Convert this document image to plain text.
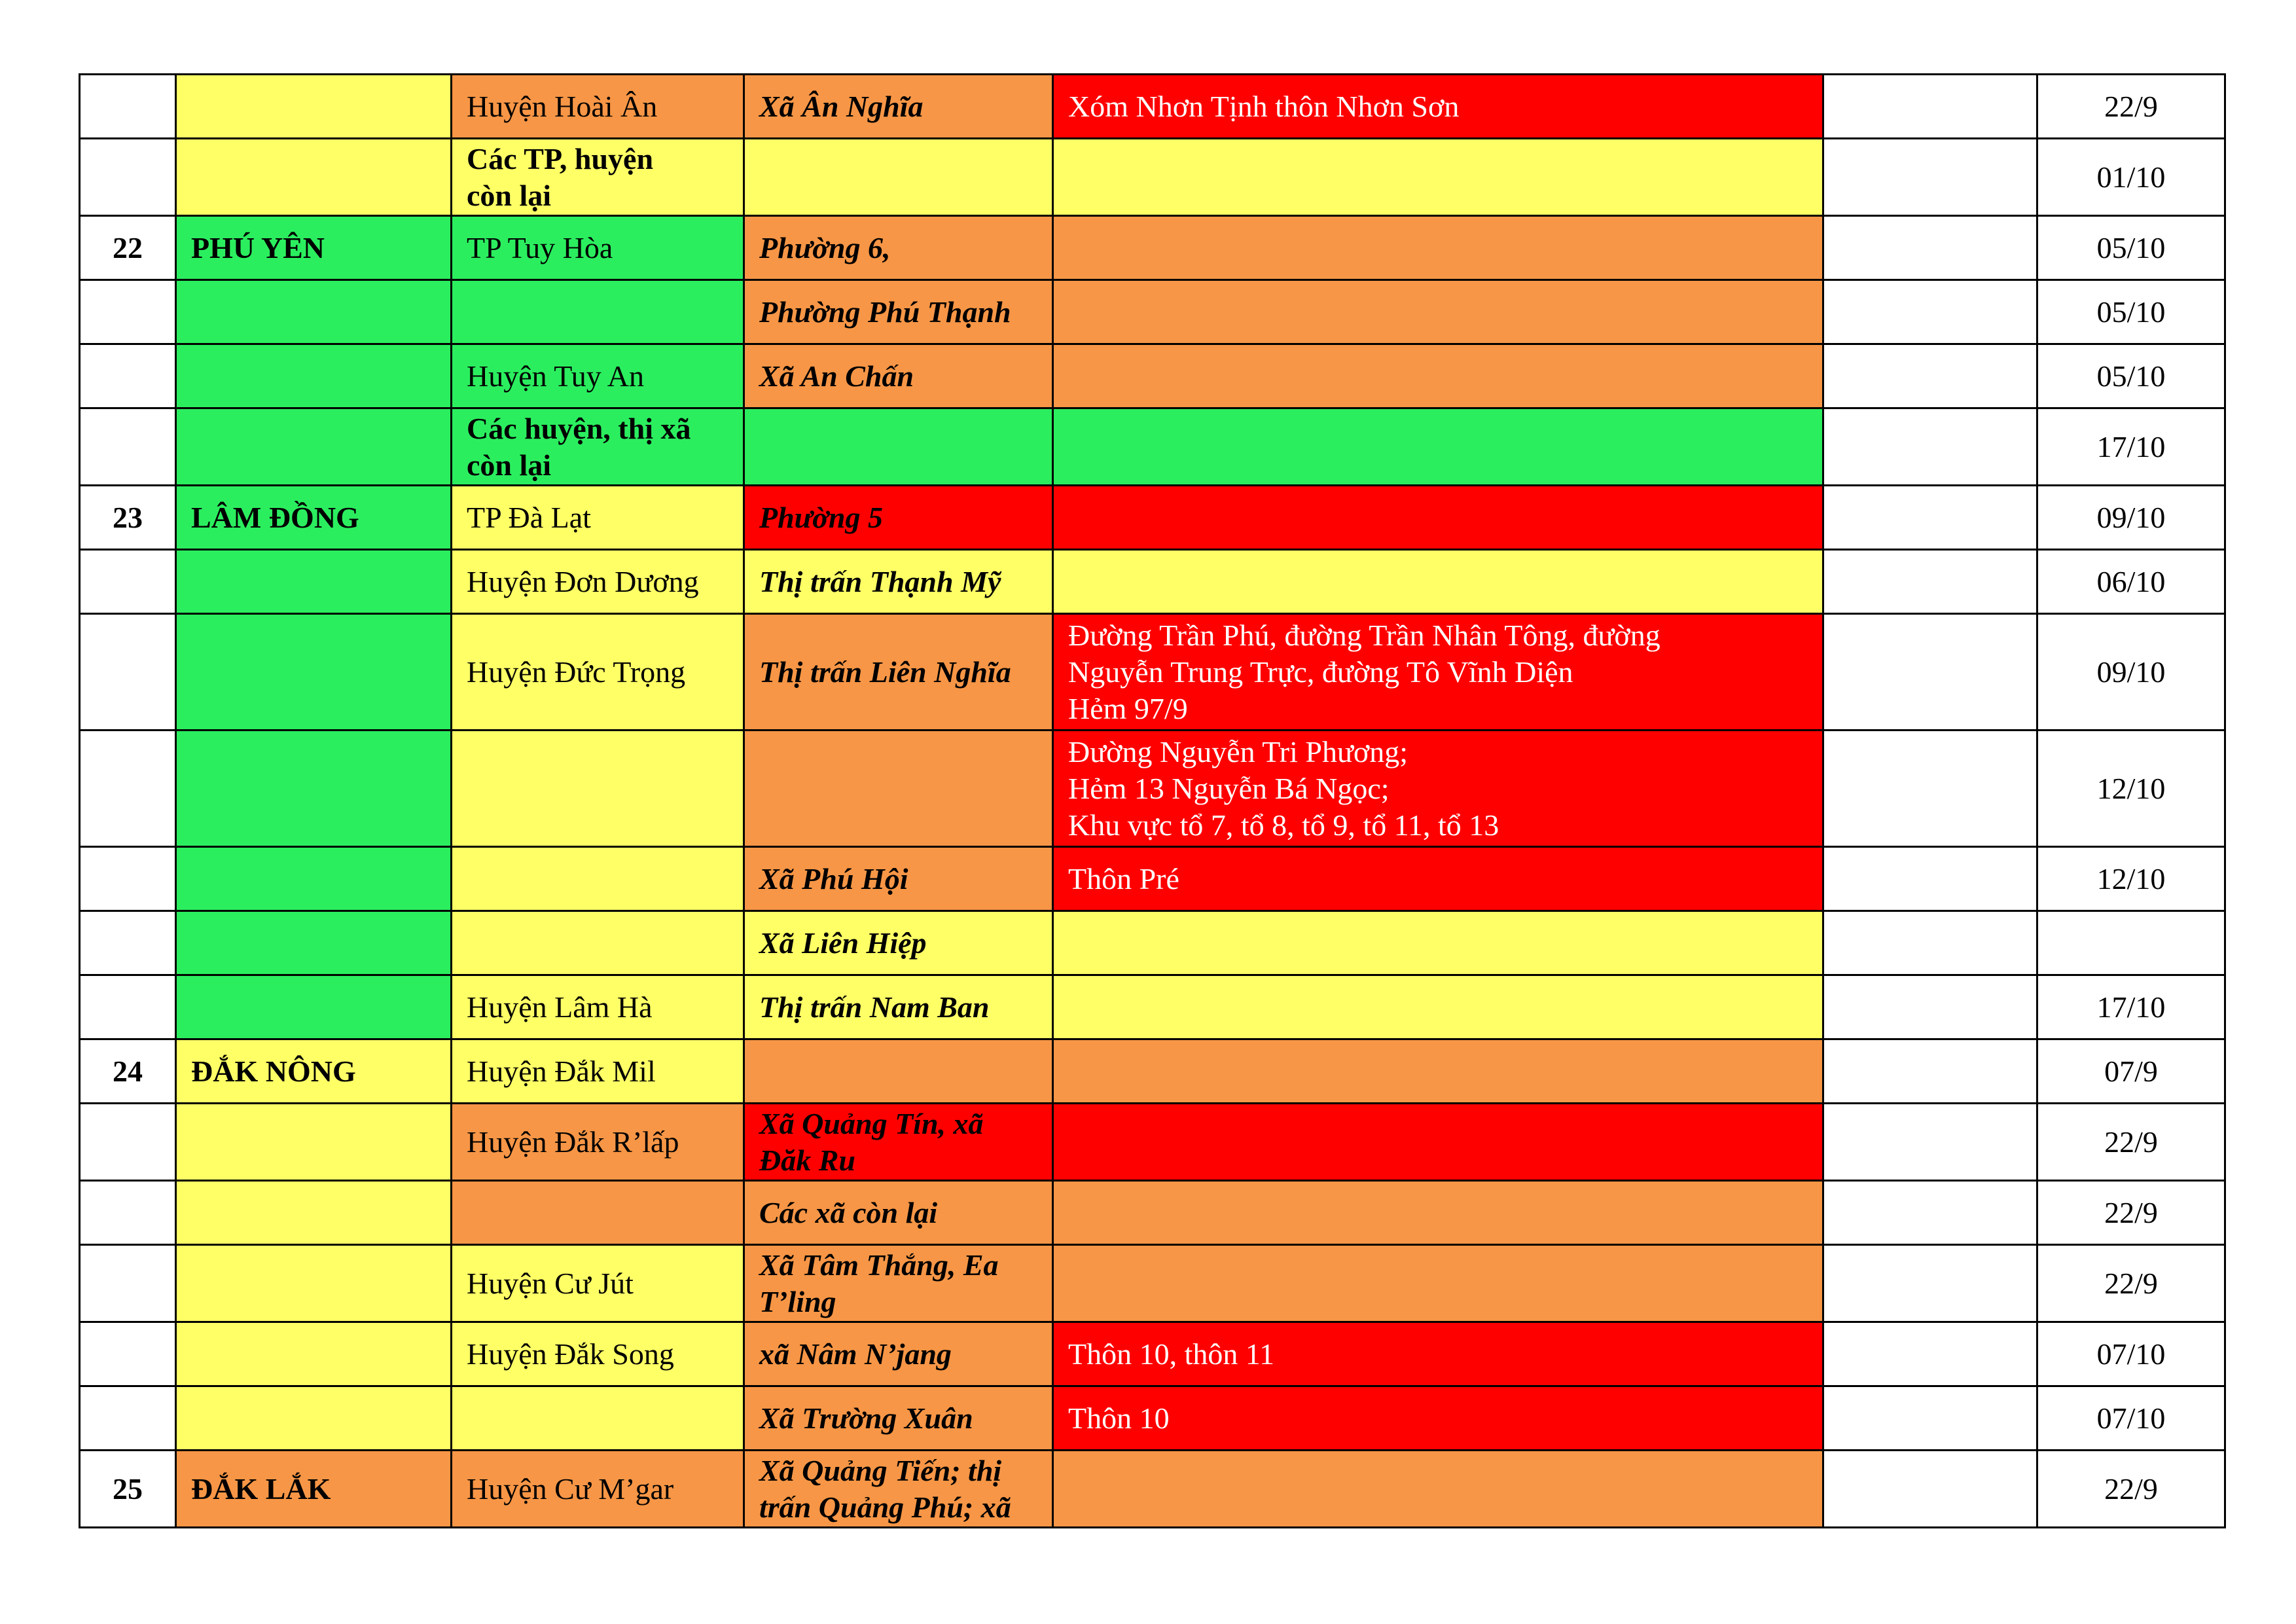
		Huyện Hoài Ân	Xã Ân Nghĩa	Xóm Nhơn Tịnh thôn Nhơn Sơn		22/9

		Các TP, huyện
còn lại				01/10
22	PHÚ YÊN	TP Tuy Hòa	Phường 6,			05/10
			Phường Phú Thạnh			05/10
		Huyện Tuy An	Xã An Chấn			05/10

		Các huyện, thị xã
còn lại				17/10
23	LÂM ĐỒNG	TP Đà Lạt	Phường 5			09/10
		Huyện Đơn Dương	Thị trấn Thạnh Mỹ			06/10
		Huyện Đức Trọng	Thị trấn Liên Nghĩa	Đường Trần Phú, đường Trần Nhân Tông, đường
Nguyễn Trung Trực, đường Tô Vĩnh Diện
Hẻm 97/9		09/10

				Đường Nguyễn Tri Phương;
Hẻm 13 Nguyễn Bá Ngọc;
Khu vực tổ 7, tổ 8, tổ 9, tổ 11, tổ 13		12/10
			Xã Phú Hội	Thôn Pré		12/10
			Xã Liên Hiệp			
		Huyện Lâm Hà	Thị trấn Nam Ban			17/10
24	ĐẮK NÔNG	Huyện Đắk Mil				07/9
		Huyện Đắk R’lấp	Xã Quảng Tín, xã
Đăk Ru			22/9
			Các xã còn lại			22/9
		Huyện Cư Jút	Xã Tâm Thắng, Ea
T’ling			22/9
		Huyện Đắk Song	xã Nâm N’jang	Thôn 10, thôn 11		07/10
			Xã Trường Xuân	Thôn 10		07/10
25	ĐẮK LẮK	Huyện Cư M’gar	Xã Quảng Tiến; thị
trấn Quảng Phú; xã			22/9
